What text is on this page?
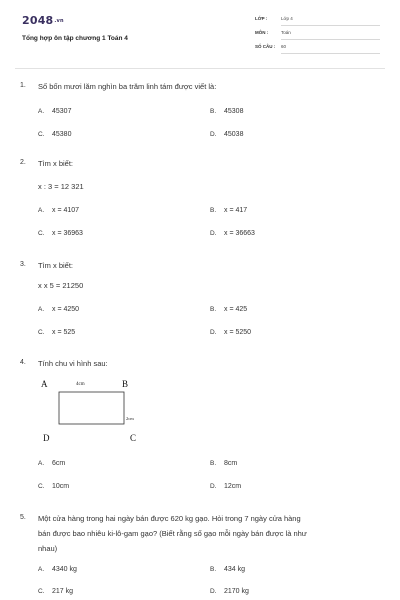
2048.vn
Tổng hợp ôn tập chương 1 Toán 4
LỚP :	Lớp 4
MÔN :	Toán
SỐ CÂU : 60
1. Số bốn mươi lăm nghìn ba trăm linh tám được viết là:
A. 45307	B. 45308
C. 45380	D. 45038
2. Tìm x biết:
x : 3 = 12 321
A. x = 4107	B. x = 417
C. x = 36963	D. x = 36663
3. Tìm x biết:
x x 5 = 21250
A. x = 4250	B. x = 425
C. x = 525	D. x = 5250
4. Tính chu vi hình sau:
A	B
C
D
4cm
2cm
A. 6cm	B. 8cm
C. 10cm	D. 12cm
5. Một cửa hàng trong hai ngày bán được 620 kg gạo. Hỏi trong 7 ngày cửa hàng
bán được bao nhiêu ki-lô-gam gạo? (Biết rằng số gạo mỗi ngày bán được là như
nhau)
A. 4340 kg	B. 434 kg
C. 217 kg	D. 2170 kg
